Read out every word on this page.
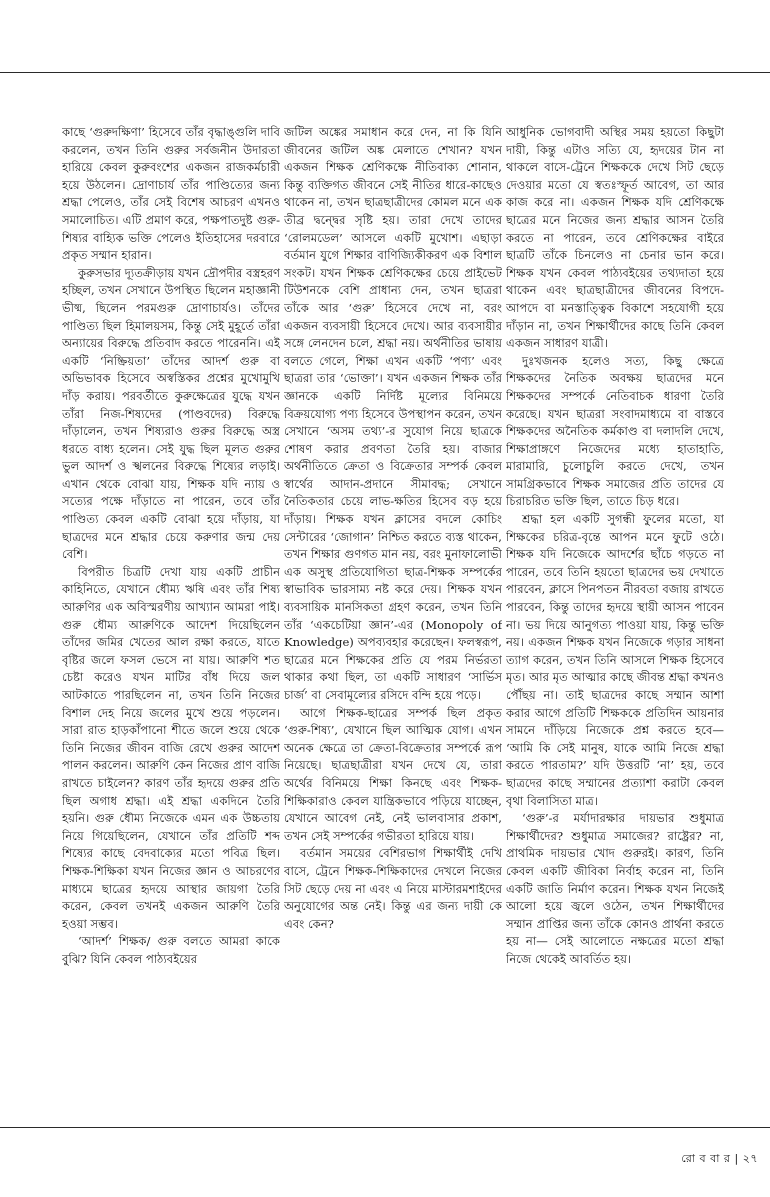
কাছে ‘গুরুদক্ষিণা’ হিসেবে তাঁর বৃদ্ধাঙ্গুলি দাবি করলেন, তখন তিনি গুরুর সর্বজনীন উদারতা হারিয়ে কেবল কুরুবংশের একজন রাজকর্মচারী হয়ে উঠলেন। দ্রোণাচার্য তাঁর পাণ্ডিত্যের জন্য শ্রদ্ধা পেলেও, তাঁর সেই বিশেষ আচরণ এখনও সমালোচিত। এটি প্রমাণ করে, পক্ষপাতদুষ্ট গুরু-শিষ্যর বাহ্যিক ভক্তি পেলেও ইতিহাসের দরবারে প্রকৃত সম্মান হারান।

কুরুসভার দ্যূতক্রীড়ায় যখন দ্রৌপদীর বস্ত্রহরণ হচ্ছিল, তখন সেখানে উপস্থিত ছিলেন মহাজ্ঞানী ভীষ্ম, ছিলেন পরমগুরু দ্রোণাচার্যও। তাঁদের পাণ্ডিত্য ছিল হিমালয়সম, কিন্তু সেই মুহূর্তে তাঁরা অন্যায়ের বিরুদ্ধে প্রতিবাদ করতে পারেননি। এই একটি ‘নিষ্ক্রিয়তা’ তাঁদের আদর্শ গুরু বা অভিভাবক হিসেবে অস্বস্তিকর প্রশ্নের মুখোমুখি দাঁড় করায়। পরবর্তীতে কুরুক্ষেত্রের যুদ্ধে যখন তাঁরা নিজ-শিষ্যদের (পাণ্ডবদের) বিরুদ্ধে দাঁড়ালেন, তখন শিষ্যরাও গুরুর বিরুদ্ধে অস্ত্র ধরতে বাধ্য হলেন। সেই যুদ্ধ ছিল মূলত গুরুর ভুল আদর্শ ও স্খলনের বিরুদ্ধে শিষ্যের লড়াই। এখান থেকে বোঝা যায়, শিক্ষক যদি ন্যায় ও সত্যের পক্ষে দাঁড়াতে না পারেন, তবে তাঁর পাণ্ডিত্য কেবল একটি বোঝা হয়ে দাঁড়ায়, যা ছাত্রদের মনে শ্রদ্ধার চেয়ে করুণার জন্ম দেয় বেশি।

বিপরীত চিত্রটি দেখা যায় একটি প্রাচীন কাহিনিতে, যেখানে ধৌম্য ঋষি এবং তাঁর শিষ্য আরুণির এক অবিস্মরণীয় আখ্যান আমরা পাই। গুরু ধৌম্য আরুণিকে আদেশ দিয়েছিলেন তাঁদের জমির খেতের আল রক্ষা করতে, যাতে বৃষ্টির জলে ফসল ভেসে না যায়। আরুণি শত চেষ্টা করেও যখন মাটির বাঁধ দিয়ে জল আটকাতে পারছিলেন না, তখন তিনি নিজের বিশাল দেহ নিয়ে জলের মুখে শুয়ে পড়লেন। সারা রাত হাড়কাঁপানো শীতে জলে শুয়ে থেকে তিনি নিজের জীবন বাজি রেখে গুরুর আদেশ পালন করলেন। আরুণি কেন নিজের প্রাণ বাজি রাখতে চাইলেন? কারণ তাঁর হৃদয়ে গুরুর প্রতি ছিল অগাধ শ্রদ্ধা। এই শ্রদ্ধা একদিনে তৈরি হয়নি। গুরু ধৌম্য নিজেকে এমন এক উচ্চতায় নিয়ে গিয়েছিলেন, যেখানে তাঁর প্রতিটি শব্দ শিষ্যের কাছে বেদবাক্যের মতো পবিত্র ছিল। শিক্ষক-শিক্ষিকা যখন নিজের জ্ঞান ও আচরণের মাধ্যমে ছাত্রের হৃদয়ে আস্থার জায়গা তৈরি করেন, কেবল তখনই একজন আরুণি তৈরি হওয়া সম্ভব।

‘আদর্শ’ শিক্ষক/ গুরু বলতে আমরা কাকে বুঝি? যিনি কেবল পাঠ্যবইয়ের

জটিল অঙ্কের সমাধান করে দেন, না কি যিনি জীবনের জটিল অঙ্ক মেলাতে শেখান? যখন একজন শিক্ষক শ্রেণিকক্ষে নীতিবাক্য শোনান, কিন্তু ব্যক্তিগত জীবনে সেই নীতির ধারে-কাছেও থাকেন না, তখন ছাত্রছাত্রীদের কোমল মনে এক তীব্র দ্বন্দ্বের সৃষ্টি হয়। তারা দেখে তাদের ‘রোলমডেল’ আসলে একটি মুখোশ। এছাড়া বর্তমান যুগে শিক্ষার বাণিজ্যিকীকরণ এক বিশাল সংকট। যখন শিক্ষক শ্রেণিকক্ষের চেয়ে প্রাইভেট টিউশনকে বেশি প্রাধান্য দেন, তখন ছাত্ররা তাঁকে আর ‘গুরু’ হিসেবে দেখে না, বরং একজন ব্যবসায়ী হিসেবে দেখে। আর ব্যবসায়ীর সঙ্গে লেনদেন চলে, শ্রদ্ধা নয়। অর্থনীতির ভাষায় বলতে গেলে, শিক্ষা এখন একটি ‘পণ্য’ এবং ছাত্ররা তার ‘ভোক্তা’। যখন একজন শিক্ষক তাঁর জ্ঞানকে একটি নির্দিষ্ট মূল্যের বিনিময়ে বিক্রয়যোগ্য পণ্য হিসেবে উপস্থাপন করেন, তখন সেখানে ‘অসম তথ্য’-র সুযোগ নিয়ে ছাত্রকে শোষণ করার প্রবণতা তৈরি হয়। বাজার অর্থনীতিতে ক্রেতা ও বিক্রেতার সম্পর্ক কেবল স্বার্থের আদান-প্রদানে সীমাবদ্ধ; সেখানে নৈতিকতার চেয়ে লাভ-ক্ষতির হিসেব বড় হয়ে দাঁড়ায়। শিক্ষক যখন ক্লাসের বদলে কোচিং সেন্টারের ‘জোগান’ নিশ্চিত করতে ব্যস্ত থাকেন, তখন শিক্ষার গুণগত মান নয়, বরং মুনাফালোভী এক অসুস্থ প্রতিযোগিতা ছাত্র-শিক্ষক সম্পর্কের স্বাভাবিক ভারসাম্য নষ্ট করে দেয়। শিক্ষক যখন ব্যবসায়িক মানসিকতা গ্রহণ করেন, তখন তিনি তাঁর ‘একচেটিয়া জ্ঞান’-এর (Monopoly of Knowledge) অপব্যবহার করেছেন। ফলস্বরূপ, ছাত্রের মনে শিক্ষকের প্রতি যে পরম নির্ভরতা থাকার কথা ছিল, তা একটি সাধারণ ‘সার্ভিস চার্জ’ বা সেবামূল্যের রসিদে বন্দি হয়ে পড়ে।

আগে শিক্ষক-ছাত্রের সম্পর্ক ছিল প্রকৃত ‘গুরু-শিষ্য’, যেখানে ছিল আত্মিক যোগ। এখন অনেক ক্ষেত্রে তা ক্রেতা-বিক্রেতার সম্পর্কে রূপ নিয়েছে। ছাত্রছাত্রীরা যখন দেখে যে, তারা অর্থের বিনিময়ে শিক্ষা কিনছে এবং শিক্ষক-শিক্ষিকারাও কেবল যান্ত্রিকভাবে পড়িয়ে যাচ্ছেন, যেখানে আবেগ নেই, নেই ভালবাসার প্রকাশ, তখন সেই সম্পর্কের গভীরতা হারিয়ে যায়।

বর্তমান সময়ের বেশিরভাগ শিক্ষার্থীই দেখি বাসে, ট্রেনে শিক্ষক-শিক্ষিকাদের দেখলে নিজের সিট ছেড়ে দেয় না এবং এ নিয়ে মাস্টারমশাইদের অনুযোগের অন্ত নেই। কিন্তু এর জন্য দায়ী কে এবং কেন?

আধুনিক ভোগবাদী অস্থির সময় হয়তো কিছুটা দায়ী, কিন্তু এটাও সত্যি যে, হৃদয়ের টান না থাকলে বাসে-ট্রেনে শিক্ষককে দেখে সিট ছেড়ে দেওয়ার মতো যে স্বতঃস্ফূর্ত আবেগ, তা আর কাজ করে না। একজন শিক্ষক যদি শ্রেণিকক্ষে ছাত্রের মনে নিজের জন্য শ্রদ্ধার আসন তৈরি করতে না পারেন, তবে শ্রেণিকক্ষের বাইরে ছাত্রটি তাঁকে চিনলেও না চেনার ভান করে। শিক্ষক যখন কেবল পাঠ্যবইয়ের তথ্যদাতা হয়ে থাকেন এবং ছাত্রছাত্রীদের জীবনের বিপদে-আপদে বা মনস্তাত্ত্বিক বিকাশে সহযোগী হয়ে দাঁড়ান না, তখন শিক্ষার্থীদের কাছে তিনি কেবল একজন সাধারণ যাত্রী।

দুঃখজনক হলেও সত্য, কিছু ক্ষেত্রে শিক্ষকদের নৈতিক অবক্ষয় ছাত্রদের মনে শিক্ষকদের সম্পর্কে নেতিবাচক ধারণা তৈরি করেছে। যখন ছাত্ররা সংবাদমাধ্যমে বা বাস্তবে শিক্ষকদের অনৈতিক কর্মকাণ্ড বা দলাদলি দেখে, শিক্ষাপ্রাঙ্গণে নিজেদের মধ্যে হাতাহাতি, মারামারি, চুলোচুলি করতে দেখে, তখন সামগ্রিকভাবে শিক্ষক সমাজের প্রতি তাদের যে চিরাচরিত ভক্তি ছিল, তাতে চিড় ধরে।

শ্রদ্ধা হল একটি সুগন্ধী ফুলের মতো, যা শিক্ষকের চরিত্র-বৃন্তে আপন মনে ফুটে ওঠে। শিক্ষক যদি নিজেকে আদর্শের ছাঁচে গড়তে না পারেন, তবে তিনি হয়তো ছাত্রদের ভয় দেখাতে পারবেন, ক্লাসে পিনপতন নীরবতা বজায় রাখতে পারবেন, কিন্তু তাদের হৃদয়ে স্থায়ী আসন পাবেন না। ভয় দিয়ে আনুগত্য পাওয়া যায়, কিন্তু ভক্তি নয়। একজন শিক্ষক যখন নিজেকে গড়ার সাধনা ত্যাগ করেন, তখন তিনি আসলে শিক্ষক হিসেবে মৃত। আর মৃত আত্মার কাছে জীবন্ত শ্রদ্ধা কখনও পৌঁছয় না। তাই ছাত্রদের কাছে সম্মান আশা করার আগে প্রতিটি শিক্ষককে প্রতিদিন আয়নার সামনে দাঁড়িয়ে নিজেকে প্রশ্ন করতে হবে— ‘আমি কি সেই মানুষ, যাকে আমি নিজে শ্রদ্ধা করতে পারতাম?’ যদি উত্তরটি ‘না’ হয়, তবে ছাত্রদের কাছে সম্মানের প্রত্যাশা করাটা কেবল বৃথা বিলাসিতা মাত্র।

‘গুরু’-র মর্যাদারক্ষার দায়ভার শুধুমাত্র শিক্ষার্থীদের? শুধুমাত্র সমাজের? রাষ্ট্রের? না, প্রাথমিক দায়ভার খোদ গুরুরই। কারণ, তিনি কেবল একটি জীবিকা নির্বাহ করেন না, তিনি একটি জাতি নির্মাণ করেন। শিক্ষক যখন নিজেই আলো হয়ে জ্বলে ওঠেন, তখন শিক্ষার্থীদের সম্মান প্রাপ্তির জন্য তাঁকে কোনও প্রার্থনা করতে হয় না— সেই আলোতে নক্ষত্রের মতো শ্রদ্ধা নিজে থেকেই আবর্তিত হয়।

রো ব বা র | ২৭
